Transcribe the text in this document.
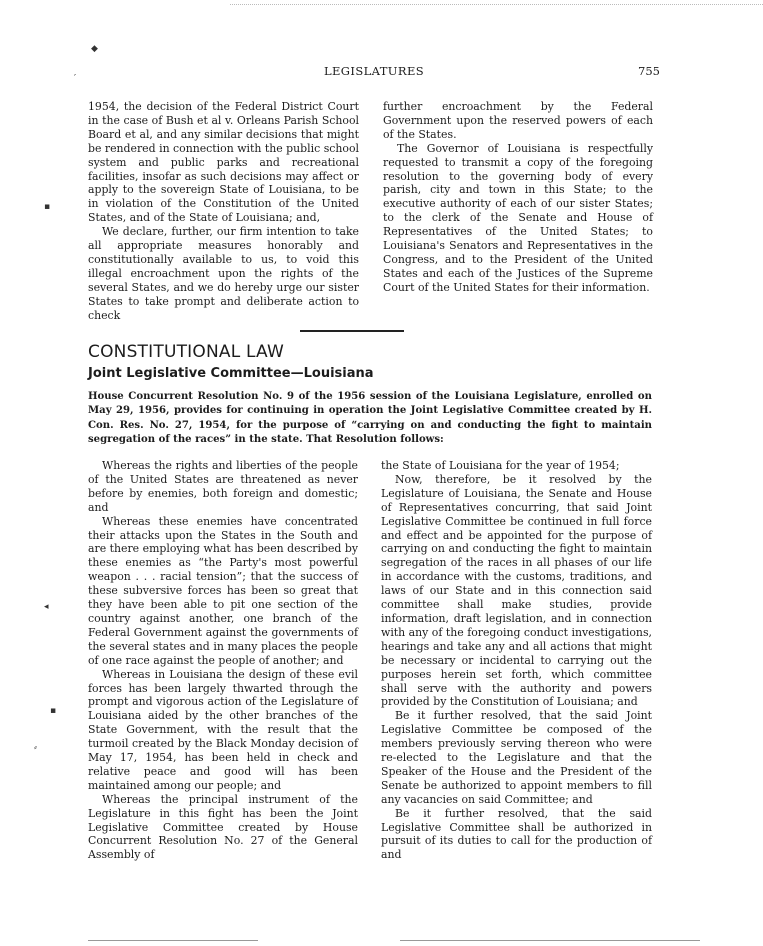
◆
′
LEGISLATURES	755

1954, the decision of the Federal District Court in the case of Bush et al v. Orleans Parish School Board et al, and any similar decisions that might be rendered in connection with the public school system and public parks and recreational facilities, insofar as such decisions may affect or apply to the sovereign State of Louisiana, to be in violation of the Constitution of the United States, and of the State of Louisiana; and,

We declare, further, our firm intention to take all appropriate measures honorably and constitutionally available to us, to void this illegal encroachment upon the rights of the several States, and we do hereby urge our sister States to take prompt and deliberate action to check

further encroachment by the Federal Government upon the reserved powers of each of the States.

The Governor of Louisiana is respectfully requested to transmit a copy of the foregoing resolution to the governing body of every parish, city and town in this State; to the executive authority of each of our sister States; to the clerk of the Senate and House of Representatives of the United States; to Louisiana's Senators and Representatives in the Congress, and to the President of the United States and each of the Justices of the Supreme Court of the United States for their information.

CONSTITUTIONAL LAW
Joint Legislative Committee—Louisiana
House Concurrent Resolution No. 9 of the 1956 session of the Louisiana Legislature, enrolled on May 29, 1956, provides for continuing in operation the Joint Legislative Committee created by H. Con. Res. No. 27, 1954, for the purpose of “carrying on and conducting the fight to maintain segregation of the races” in the state. That Resolution follows:

Whereas the rights and liberties of the people of the United States are threatened as never before by enemies, both foreign and domestic; and

Whereas these enemies have concentrated their attacks upon the States in the South and are there employing what has been described by these enemies as “the Party's most powerful weapon . . . racial tension”; that the success of these subversive forces has been so great that they have been able to pit one section of the country against another, one branch of the Federal Government against the governments of the several states and in many places the people of one race against the people of another; and

Whereas in Louisiana the design of these evil forces has been largely thwarted through the prompt and vigorous action of the Legislature of Louisiana aided by the other branches of the State Government, with the result that the turmoil created by the Black Monday decision of May 17, 1954, has been held in check and relative peace and good will has been maintained among our people; and

Whereas the principal instrument of the Legislature in this fight has been the Joint Legislative Committee created by House Concurrent Resolution No. 27 of the General Assembly of

the State of Louisiana for the year of 1954;

Now, therefore, be it resolved by the Legislature of Louisiana, the Senate and House of Representatives concurring, that said Joint Legislative Committee be continued in full force and effect and be appointed for the purpose of carrying on and conducting the fight to maintain segregation of the races in all phases of our life in accordance with the customs, traditions, and laws of our State and in this connection said committee shall make studies, provide information, draft legislation, and in connection with any of the foregoing conduct investigations, hearings and take any and all actions that might be necessary or incidental to carrying out the purposes herein set forth, which committee shall serve with the authority and powers provided by the Constitution of Louisiana; and

Be it further resolved, that the said Joint Legislative Committee be composed of the members previously serving thereon who were re-elected to the Legislature and that the Speaker of the House and the President of the Senate be authorized to appoint members to fill any vacancies on said Committee; and

Be it further resolved, that the said Legislative Committee shall be authorized in pursuit of its duties to call for the production of and

▪
◂
▪
⸗
